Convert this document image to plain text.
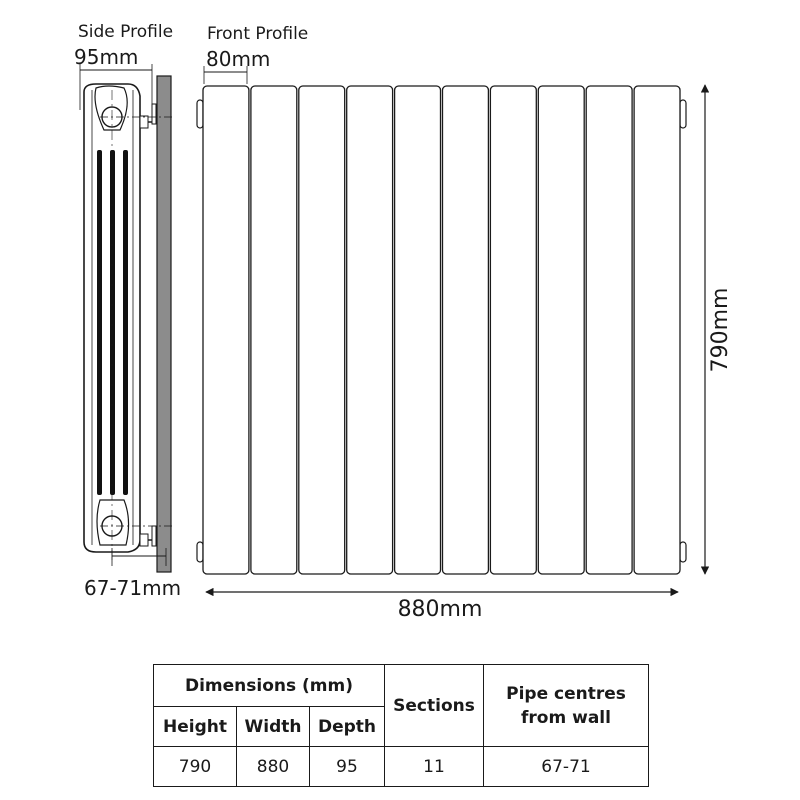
Side Profile Front Profile
95mm	80mm
67-71mm
880mm
790mm
Dimensions (mm)			Sections	Pipe centres
from wall

Height	Width	Depth		
790	880	95	11	67-71
